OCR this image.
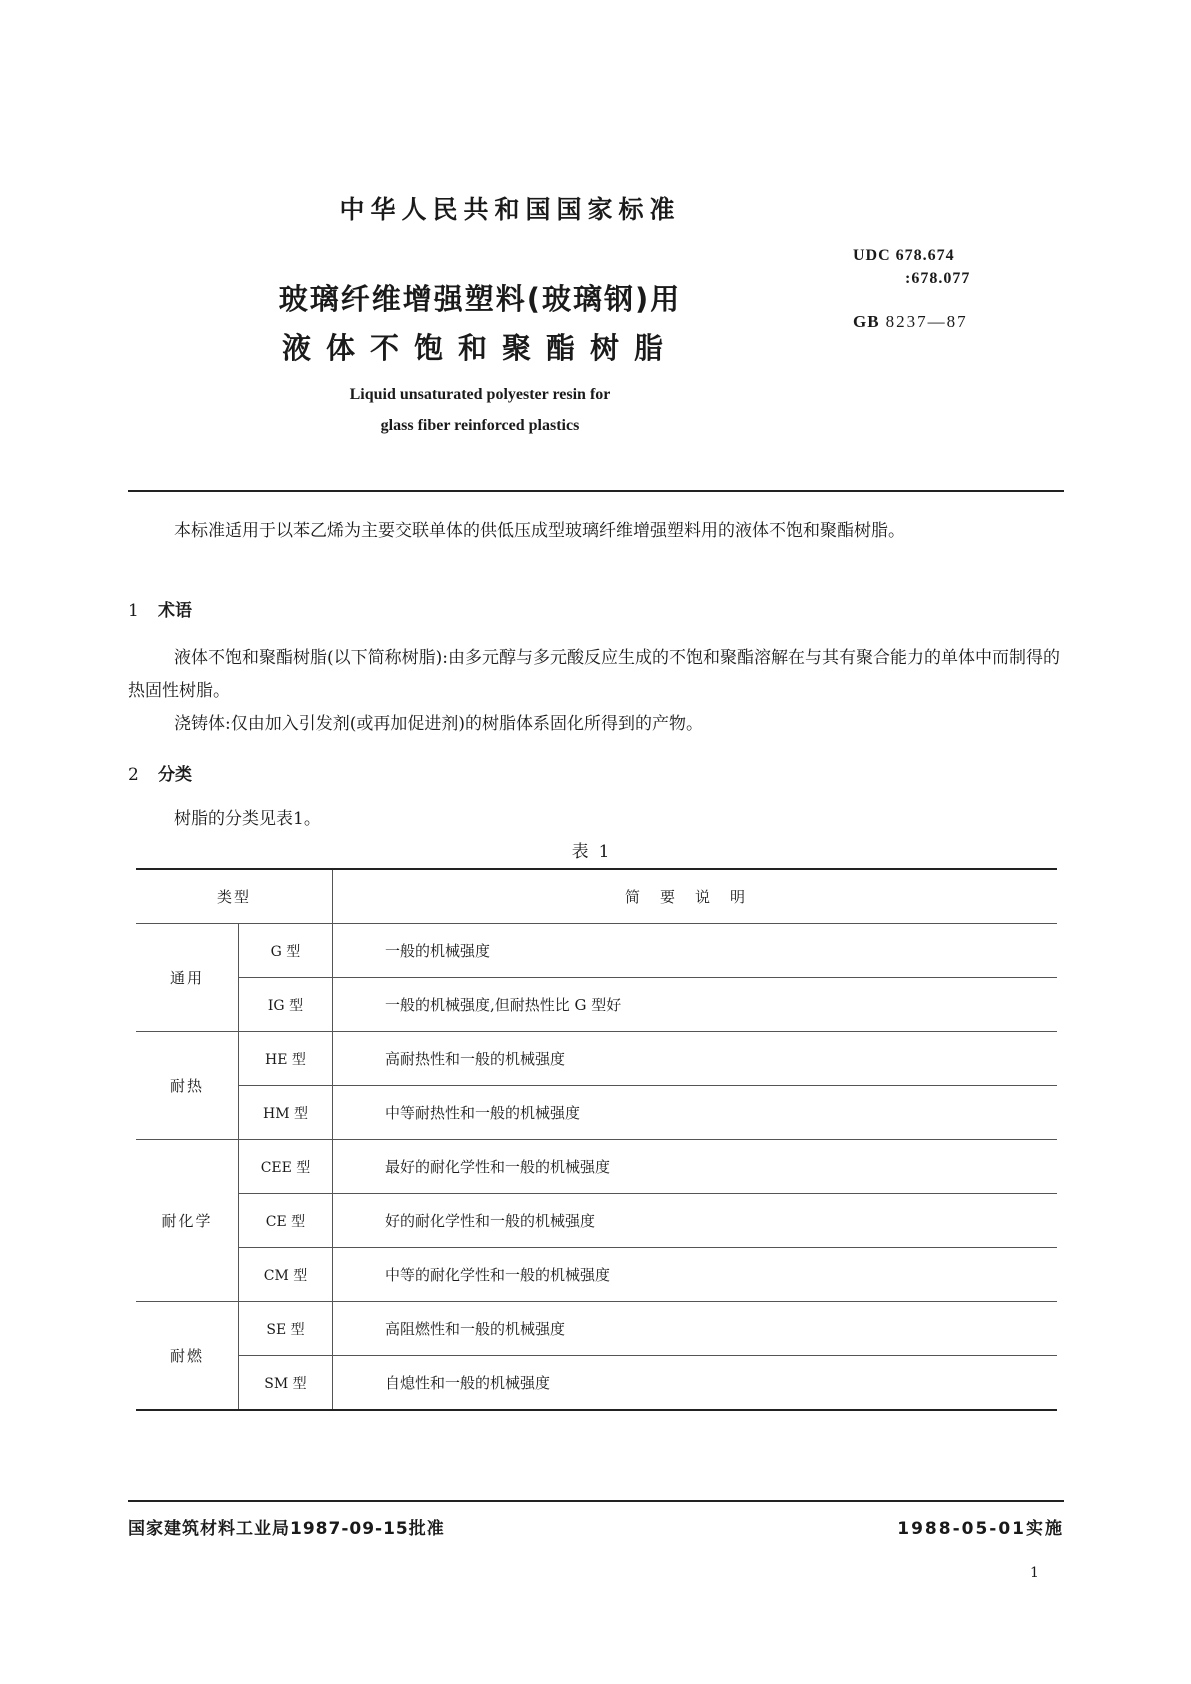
中华人民共和国国家标准
玻璃纤维增强塑料(玻璃钢)用
液体不饱和聚酯树脂
Liquid unsaturated polyester resin for
glass fiber reinforced plastics
UDC 678.674
:678.077
GB 8237—87
本标准适用于以苯乙烯为主要交联单体的供低压成型玻璃纤维增强塑料用的液体不饱和聚酯树脂。
1 术语
液体不饱和聚酯树脂(以下简称树脂):由多元醇与多元酸反应生成的不饱和聚酯溶解在与其有聚合能力的单体中而制得的热固性树脂。
浇铸体:仅由加入引发剂(或再加促进剂)的树脂体系固化所得到的产物。
2 分类
树脂的分类见表1。
表1
类型		简要说明
通用	G 型	一般的机械强度
	IG 型	一般的机械强度,但耐热性比 G 型好
耐热	HE 型	高耐热性和一般的机械强度
	HM 型	中等耐热性和一般的机械强度
耐化学	CEE 型	最好的耐化学性和一般的机械强度
	CE 型	好的耐化学性和一般的机械强度
	CM 型	中等的耐化学性和一般的机械强度
耐燃	SE 型	高阻燃性和一般的机械强度
	SM 型	自熄性和一般的机械强度
国家建筑材料工业局1987-09-15批准	1988-05-01实施
1
